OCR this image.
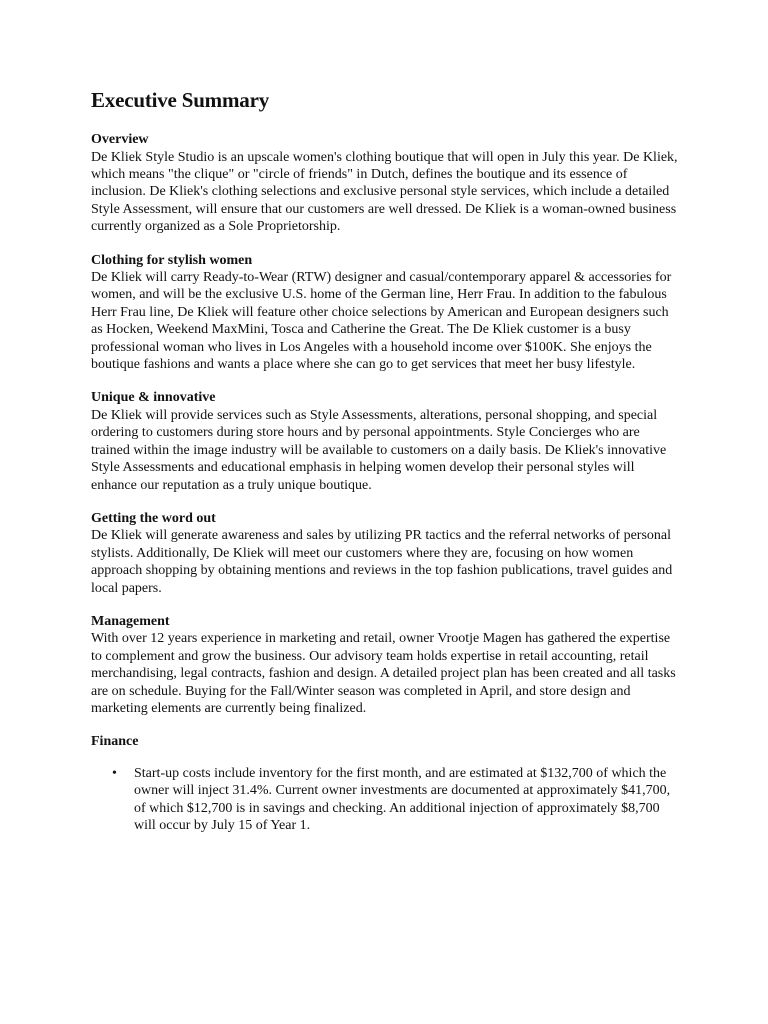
Executive Summary

Overview

De Kliek Style Studio is an upscale women's clothing boutique that will open in July this year. De Kliek, which means "the clique" or "circle of friends" in Dutch, defines the boutique and its essence of inclusion. De Kliek's clothing selections and exclusive personal style services, which include a detailed Style Assessment, will ensure that our customers are well dressed. De Kliek is a woman-owned business currently organized as a Sole Proprietorship.

Clothing for stylish women

De Kliek will carry Ready-to-Wear (RTW) designer and casual/contemporary apparel & accessories for women, and will be the exclusive U.S. home of the German line, Herr Frau. In addition to the fabulous Herr Frau line, De Kliek will feature other choice selections by American and European designers such as Hocken, Weekend MaxMini, Tosca and Catherine the Great. The De Kliek customer is a busy professional woman who lives in Los Angeles with a household income over $100K. She enjoys the boutique fashions and wants a place where she can go to get services that meet her busy lifestyle.

Unique & innovative

De Kliek will provide services such as Style Assessments, alterations, personal shopping, and special ordering to customers during store hours and by personal appointments. Style Concierges who are trained within the image industry will be available to customers on a daily basis. De Kliek's innovative Style Assessments and educational emphasis in helping women develop their personal styles will enhance our reputation as a truly unique boutique.

Getting the word out

De Kliek will generate awareness and sales by utilizing PR tactics and the referral networks of personal stylists. Additionally, De Kliek will meet our customers where they are, focusing on how women approach shopping by obtaining mentions and reviews in the top fashion publications, travel guides and local papers.

Management

With over 12 years experience in marketing and retail, owner Vrootje Magen has gathered the expertise to complement and grow the business. Our advisory team holds expertise in retail accounting, retail merchandising, legal contracts, fashion and design. A detailed project plan has been created and all tasks are on schedule. Buying for the Fall/Winter season was completed in April, and store design and marketing elements are currently being finalized.

Finance

• Start-up costs include inventory for the first month, and are estimated at $132,700 of which the owner will inject 31.4%. Current owner investments are documented at approximately $41,700, of which $12,700 is in savings and checking. An additional injection of approximately $8,700 will occur by July 15 of Year 1.
